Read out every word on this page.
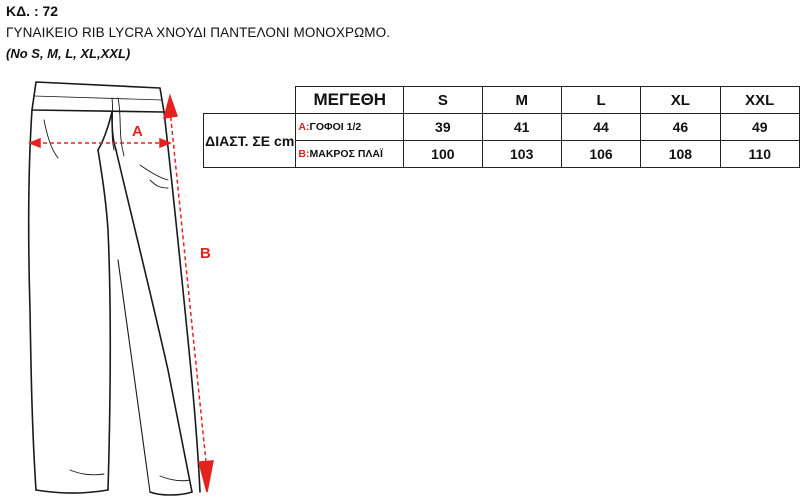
ΚΔ. : 72
ΓΥΝΑΙΚΕΙΟ RIB LYCRA ΧΝΟΥΔΙ ΠΑΝΤΕΛΟΝΙ ΜΟΝΟΧΡΩΜΟ.
(No S, M, L, XL,XXL)
A
B
	ΜΕΓΕΘΗ	S	M	L	XL	XXL
ΔΙΑΣΤ. ΣΕ cm	A:ΓΟΦΟΙ 1/2	39	41	44	46	49
	B:ΜΑΚΡΟΣ ΠΛΑΪ	100	103	106	108	110
